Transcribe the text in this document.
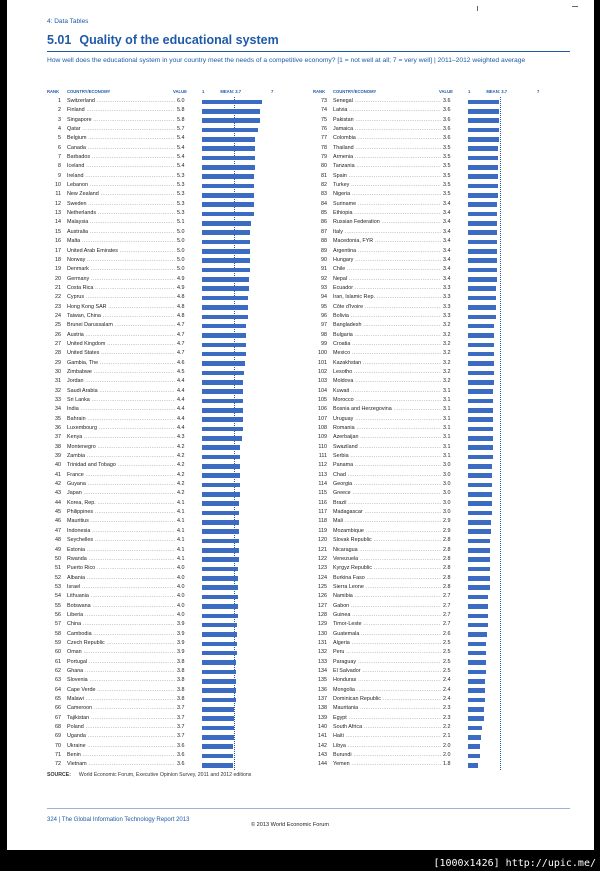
4: Data Tables
5.01 Quality of the educational system
How well does the educational system in your country meet the needs of a competitive economy? [1 = not well at all; 7 = very well] | 2011–2012 weighted average
RANK COUNTRY/ECONOMY	VALUE	1	MEAN: 3.7	7
1 Switzerland .....	6.0
2 Finland .....	5.8
3 Singapore .....	5.8
4 Qatar .....	5.7
5 Belgium .....	5.4
6 Canada .....	5.4
7 Barbados .....	5.4
8 Iceland .....	5.4
9 Ireland .....	5.3
10 Lebanon .....	5.3
11 New Zealand .....	5.3
12 Sweden .....	5.3
13 Netherlands .....	5.3
14 Malaysia .....	5.1
15 Australia .....	5.0
16 Malta .....	5.0
17 United Arab Emirates .....	5.0
18 Norway .....	5.0
19 Denmark .....	5.0
20 Germany .....	4.9
21 Costa Rica .....	4.9
22 Cyprus .....	4.8
23 Hong Kong SAR .....	4.8
24 Taiwan, China .....	4.8
25 Brunei Darussalam .....	4.7
26 Austria .....	4.7
27 United Kingdom .....	4.7
28 United States .....	4.7
29 Gambia, The .....	4.6
30 Zimbabwe .....	4.5
31 Jordan .....	4.4
32 Saudi Arabia .....	4.4
33 Sri Lanka .....	4.4
34 India .....	4.4
35 Bahrain .....	4.4
36 Luxembourg .....	4.4
37 Kenya .....	4.3
38 Montenegro .....	4.2
39 Zambia .....	4.2
40 Trinidad and Tobago .....	4.2
41 France .....	4.2
42 Guyana .....	4.2
43 Japan .....	4.2
44 Korea, Rep. .....	4.1
45 Philippines .....	4.1
46 Mauritius .....	4.1
47 Indonesia .....	4.1
48 Seychelles .....	4.1
49 Estonia .....	4.1
50 Rwanda .....	4.1
51 Puerto Rico .....	4.0
52 Albania .....	4.0
53 Israel .....	4.0
54 Lithuania .....	4.0
55 Botswana .....	4.0
56 Liberia .....	4.0
57 China .....	3.9
58 Cambodia .....	3.9
59 Czech Republic .....	3.9
60 Oman .....	3.9
61 Portugal .....	3.8
62 Ghana .....	3.8
63 Slovenia .....	3.8
64 Cape Verde .....	3.8
65 Malawi .....	3.8
66 Cameroon .....	3.7
67 Tajikistan .....	3.7
68 Poland .....	3.7
69 Uganda .....	3.7
70 Ukraine .....	3.6
71 Benin .....	3.6
72 Vietnam .....	3.6
RANK COUNTRY/ECONOMY	VALUE	1	MEAN: 3.7	7
73 Senegal .....	3.6
74 Latvia .....	3.6
75 Pakistan .....	3.6
76 Jamaica .....	3.6
77 Colombia .....	3.6
78 Thailand .....	3.5
79 Armenia .....	3.5
80 Tanzania .....	3.5
81 Spain .....	3.5
82 Turkey .....	3.5
83 Nigeria .....	3.5
84 Suriname .....	3.4
85 Ethiopia .....	3.4
86 Russian Federation .....	3.4
87 Italy .....	3.4
88 Macedonia, FYR .....	3.4
89 Argentina .....	3.4
90 Hungary .....	3.4
91 Chile .....	3.4
92 Nepal .....	3.4
93 Ecuador .....	3.3
94 Iran, Islamic Rep. .....	3.3
95 Côte d'Ivoire .....	3.3
96 Bolivia .....	3.3
97 Bangladesh .....	3.2
98 Bulgaria .....	3.2
99 Croatia .....	3.2
100 Mexico .....	3.2
101 Kazakhstan .....	3.2
102 Lesotho .....	3.2
103 Moldova .....	3.2
104 Kuwait .....	3.1
105 Morocco .....	3.1
106 Bosnia and Herzegovina .....	3.1
107 Uruguay .....	3.1
108 Romania .....	3.1
109 Azerbaijan .....	3.1
110 Swaziland .....	3.1
111 Serbia .....	3.1
112 Panama .....	3.0
113 Chad .....	3.0
114 Georgia .....	3.0
115 Greece .....	3.0
116 Brazil .....	3.0
117 Madagascar .....	3.0
118 Mali .....	2.9
119 Mozambique .....	2.9
120 Slovak Republic .....	2.8
121 Nicaragua .....	2.8
122 Venezuela .....	2.8
123 Kyrgyz Republic .....	2.8
124 Burkina Faso .....	2.8
125 Sierra Leone .....	2.8
126 Namibia .....	2.7
127 Gabon .....	2.7
128 Guinea .....	2.7
129 Timor-Leste .....	2.7
130 Guatemala .....	2.6
131 Algeria .....	2.5
132 Peru .....	2.5
133 Paraguay .....	2.5
134 El Salvador .....	2.5
135 Honduras .....	2.4
136 Mongolia .....	2.4
137 Dominican Republic .....	2.4
138 Mauritania .....	2.3
139 Egypt .....	2.3
140 South Africa .....	2.2
141 Haiti .....	2.1
142 Libya .....	2.0
143 Burundi .....	2.0
144 Yemen .....	1.8
SOURCE: World Economic Forum, Executive Opinion Survey, 2011 and 2012 editions
324 | The Global Information Technology Report 2013
© 2013 World Economic Forum
[1000x1426] http://upic.me/
